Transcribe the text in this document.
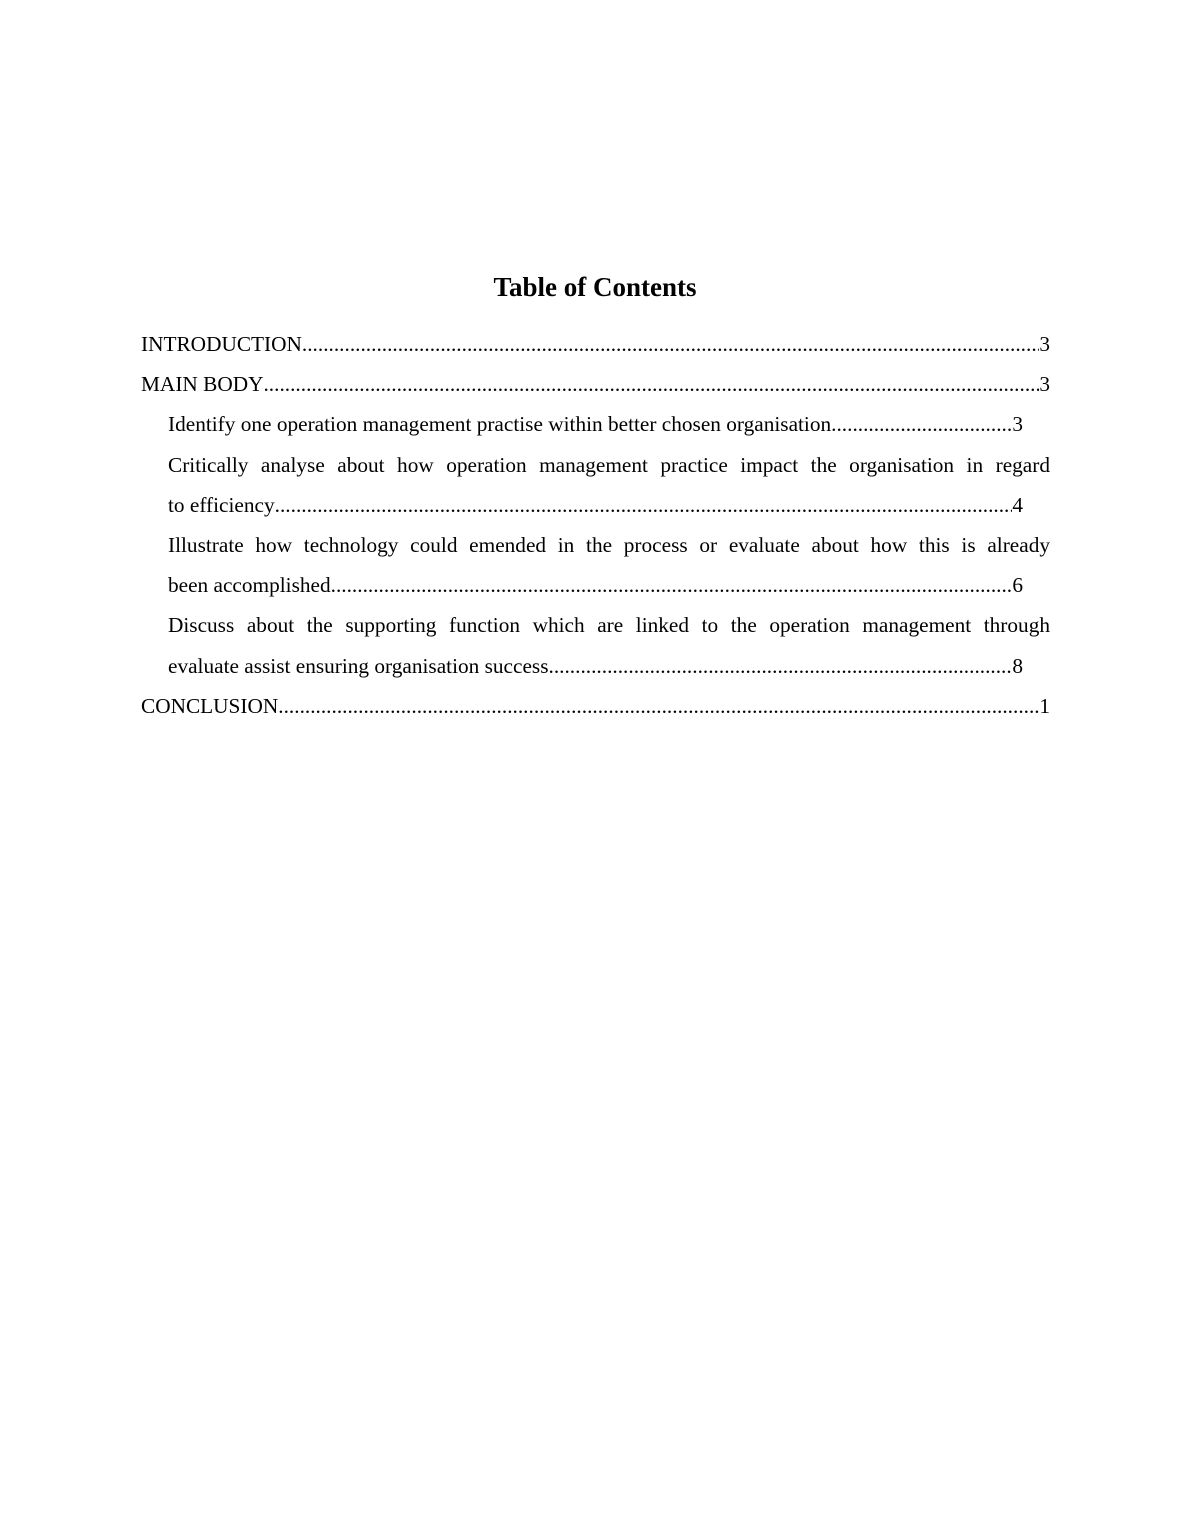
Table of Contents
INTRODUCTION .....	3
MAIN BODY .....	3
Identify one operation management practise within better chosen organisation .....	3
Critically analyse about how operation management practice impact the organisation in regard
to efficiency .....	4
Illustrate how technology could emended in the process or evaluate about how this is already
been accomplished .....	6
Discuss about the supporting function which are linked to the operation management through
evaluate assist ensuring organisation success .....	8
CONCLUSION .....	1
